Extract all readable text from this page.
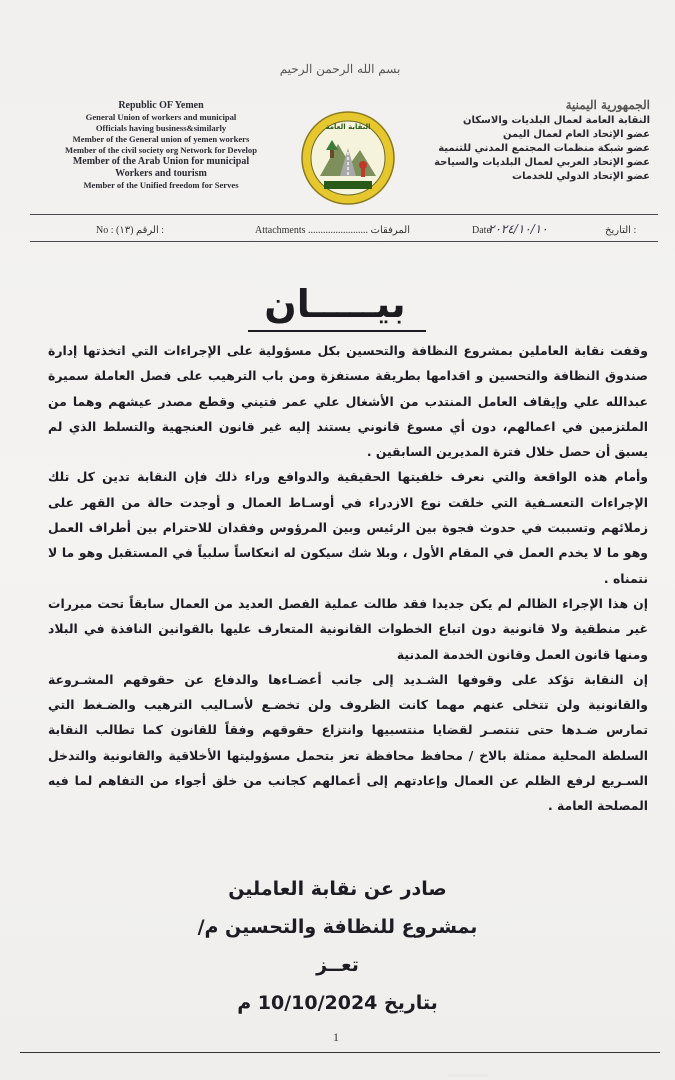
بسم الله الرحمن الرحيم
Republic OF Yemen
General Union of workers and municipal
Officials having business&similarly
Member of the General union of yemen workers
Member of the civil society org Network for Develop
Member of the Arab Union for municipal
Workers and tourism
Member of the Unified freedom for Serves
النقابة العامة
الجمهورية اليمنية
النقابة العامة لعمال البلديات والاسكان
عضو الإتحاد العام لعمال اليمن
عضو شبكة منظمات المجتمع المدني للتنمية
عضو الإتحاد العربي لعمال البلديات والسياحة
عضو الإتحاد الدولي للخدمات
No : (١٣) الرقم :	Attachments ........................ المرفقات	Date
٢٠٢٤/١٠/١٠	التاريخ :
بيـــــان

وقفت نقابة العاملين بمشروع النظافة والتحسين بكل مسؤولية على الإجراءات التي اتخذتها إدارة صندوق النظافة والتحسين و اقدامها بطريقة مستفزة ومن باب الترهيب على فصل العاملة سميرة عبدالله علي وإيقاف العامل المنتدب من الأشغال علي عمر فتيني وقطع مصدر عيشهم وهما من الملتزمين في اعمالهم، دون أي مسوغ قانوني يستند إليه غير قانون العنجهية والتسلط الذي لم يسبق أن حصل خلال فترة المديرين السابقين .

وأمام هذه الواقعة والتي نعرف خلفيتها الحقيقية والدوافع وراء ذلك فإن النقابة تدين كل تلك الإجراءات التعسـفية التي خلقت نوع الازدراء في أوسـاط العمال و أوجدت حالة من القهر على زملائهم وتسببت في حدوث فجوة بين الرئيس وبين المرؤوس وفقدان للاحترام بين أطراف العمل وهو ما لا يخدم العمل في المقام الأول ، وبلا شك سيكون له انعكاساً سلبياً في المستقبل وهو ما لا نتمناه .

إن هذا الإجراء الظالم لم يكن جديدا فقد طالت عملية الفصل العديد من العمال سابقاً تحت مبررات غير منطقية ولا قانونية دون اتباع الخطوات القانونية المتعارف عليها بالقوانين النافذة في البلاد ومنها قانون العمل وقانون الخدمة المدنية

إن النقابة تؤكد على وقوفها الشـديد إلى جانب أعضـاءها والدفاع عن حقوقهم المشـروعة والقانونية ولن تتخلى عنهم مهما كانت الظروف ولن تخضـع لأسـاليب الترهيب والضـغط التي تمارس ضـدها حتى تنتصـر لقضايا منتسبيها وانتزاع حقوقهم وفقاً للقانون كما تطالب النقابة السلطة المحلية ممثلة بالاخ / محافظ محافظة تعز بتحمل مسؤوليتها الأخلاقية والقانونية والتدخل السـريع لرفع الظلم عن العمال وإعادتهم إلى أعمالهم كجانب من خلق أجواء من التفاهم لما فيه المصلحة العامة .

صادر عن نقابة العاملين
بمشروع للنظافة والتحسين م/ تعــز
بتاريخ 10/10/2024 م
1
